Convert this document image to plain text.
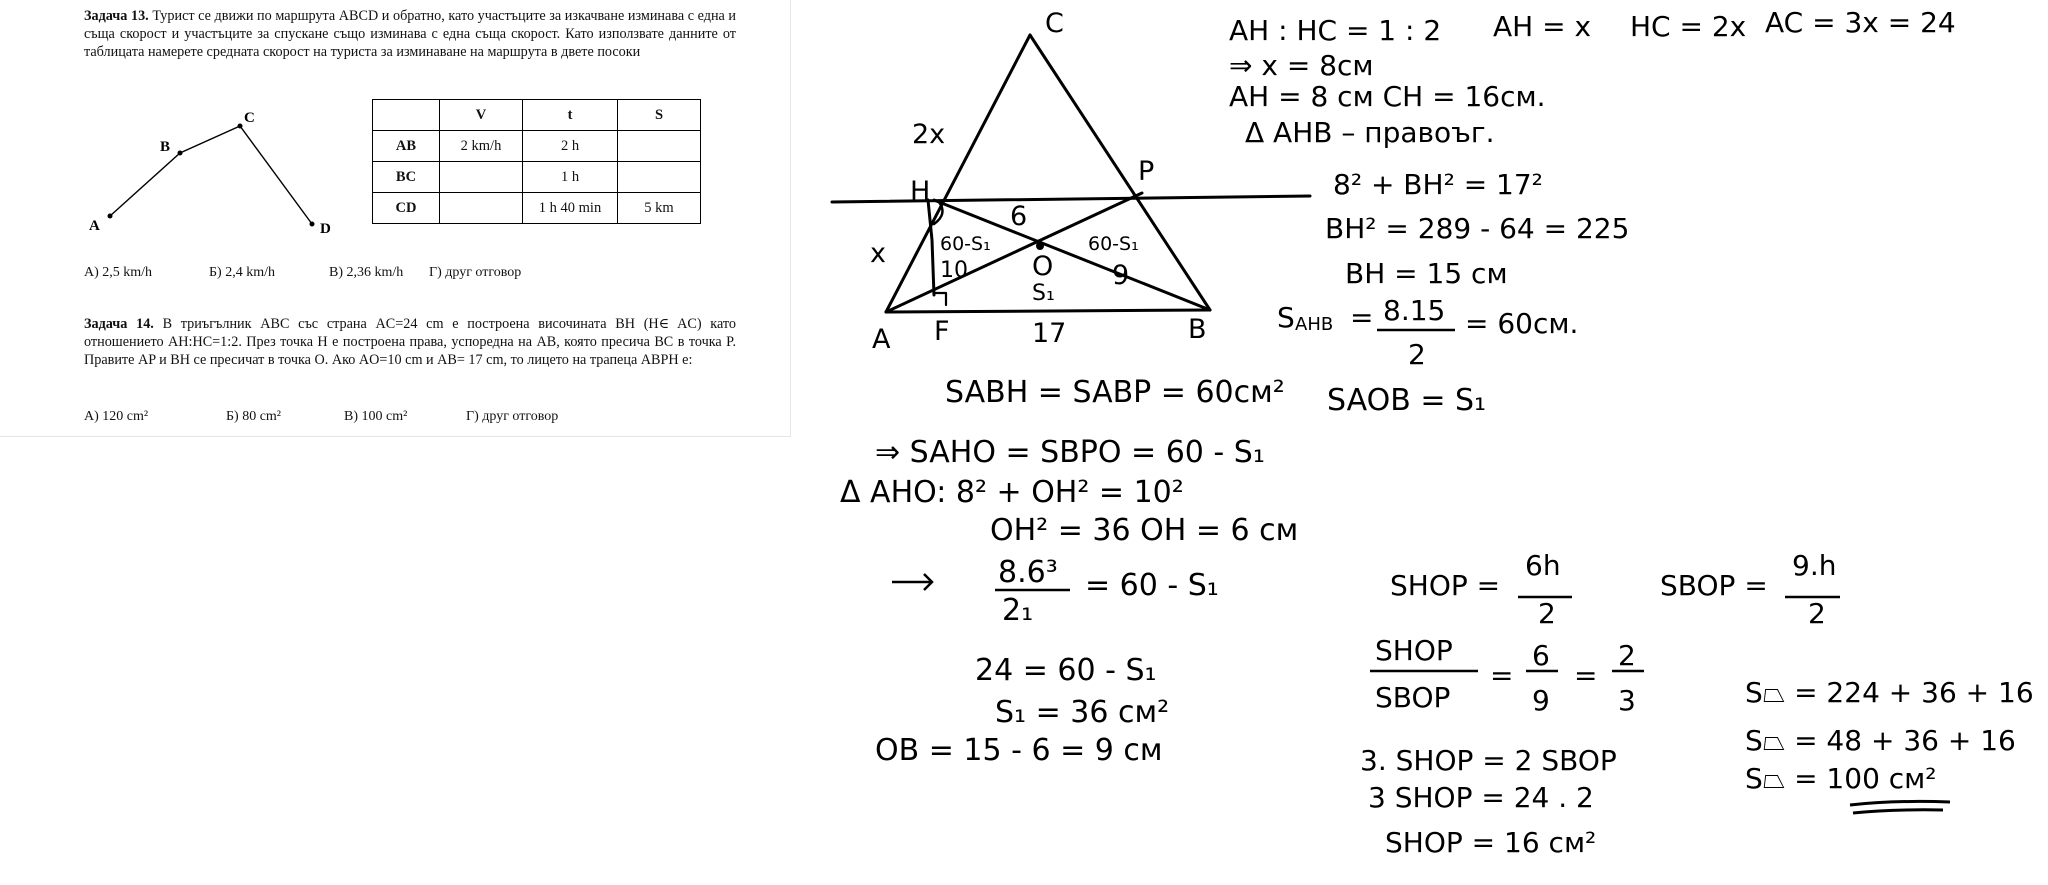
Задача 13. Турист се движи по маршрута ABCD и обратно, като участъците за изкачване изминава с една и съща скорост и участъците за спускане също изминава с една съща скорост. Като използвате данните от таблицата намерете средната скорост на туриста за изминаване на маршрута в двете посоки
A
B
C
D
	V	t	S
AB	2 km/h	2 h	
BC		1 h	
CD		1 h 40 min	5 km
А) 2,5 km/h	Б) 2,4 km/h	В) 2,36 km/h Г) друг отговор
Задача 14. В триъгълник ABC със страна AC=24 cm е построена височината BH (H∈ AC) като отношението AH:HC=1:2. През точка H е построена права, успоредна на AB, която пресича BC в точка P. Правите AP и BH се пресичат в точка O. Ако AO=10 cm и AB= 17 cm, то лицето на трапеца ABPH е:
А) 120 cm²	Б) 80 cm²	В) 100 cm²	Г) друг отговор
C
2x
H
P
x
6
O 9
10
A F	17	B
60-S₁	60-S₁
S₁
AH : HC = 1 : 2 AH = x HC = 2x AC = 3x = 24
⇒ x = 8см
AH = 8 см CH = 16см.
Δ AHB – правоъг.
8² + BH² = 17²
BH² = 289 - 64 = 225
BH = 15 см
S AHB = 8.15
2
= 60см.
SABH = SABP = 60см²
⇒ SAHO = SBPO = 60 - S₁
Δ AHO: 8² + OH² = 10²
OH² = 36 OH = 6 см
8.6³
2₁
= 60 - S₁
24 = 60 - S₁
S₁ = 36 см²
OB = 15 - 6 = 9 см
SAOB = S₁
SHOP =
6h
2
SBOP =
9.h
2
SHOP
SBOP
=
6
9
=
2
3
3. SHOP = 2 SBOP
3 SHOP = 24 . 2
SHOP = 16 см²
S⏢ = 224 + 36 + 16
S⏢ = 48 + 36 + 16
S⏢ = 100 см²
